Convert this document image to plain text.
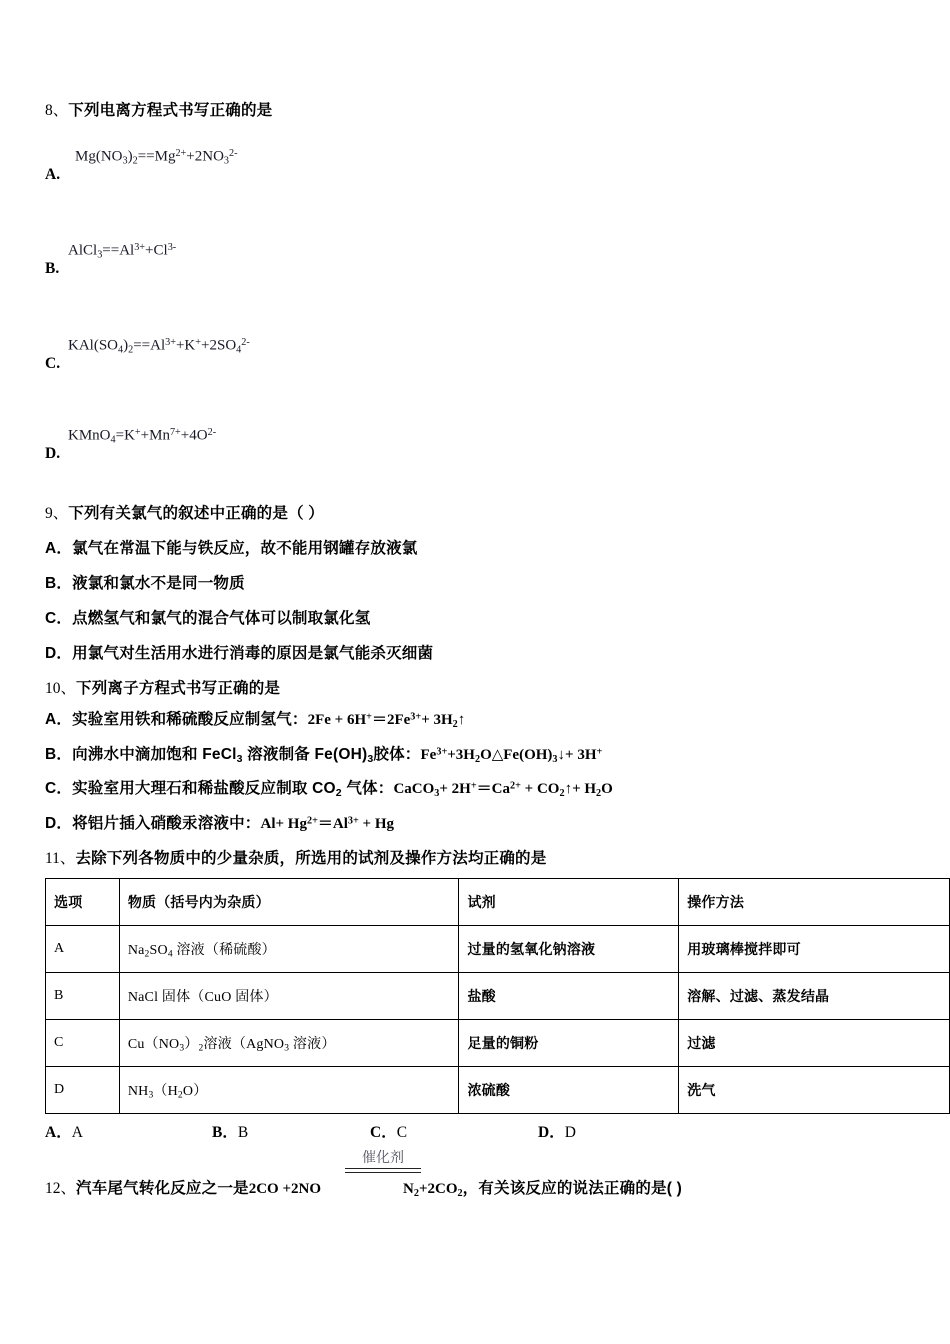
8、下列电离方程式书写正确的是
$Mg(NO_3)_2==Mg^{2+}+2NO_3^{2-}$
A.
$AlCl_3==Al^{3+}+Cl^{3-}$
B.
$KAl(SO_4)_2==Al^{3+}+K^++2SO_4^{2-}$
C.
$KMnO_4=K^++Mn^{7+}+4O^{2-}$
D.
9、下列有关氯气的叙述中正确的是（ ）
A．氯气在常温下能与铁反应，故不能用钢罐存放液氯
B．液氯和氯水不是同一物质
C．点燃氢气和氯气的混合气体可以制取氯化氢
D．用氯气对生活用水进行消毒的原因是氯气能杀灭细菌
10、下列离子方程式书写正确的是
A．实验室用铁和稀硫酸反应制氢气：$2Fe + 6H^+=2Fe^{3+}+$ $3H_2↑$
B．向沸水中滴加饱和 FeCl$_3$ 溶液制备 $Fe(OH)_3$胶体：$Fe^{3+}+3H_2O\triangle Fe(OH)_3↓+ 3H^+$
C．实验室用大理石和稀盐酸反应制取 $CO_2$ 气体：CaCO$_3$+ $2H^+=Ca^{2+}$ + $CO_2↑+ H_2O$
D．将铝片插入硝酸汞溶液中：$Al+ Hg^{2+}=Al^{3+} + Hg$
11、去除下列各物质中的少量杂质，所选用的试剂及操作方法均正确的是
选项	物质（括号内为杂质）	试剂	操作方法
A	$Na_2SO_4$ 溶液（稀硫酸）	过量的氢氧化钠溶液	用玻璃棒搅拌即可
B	NaCl 固体（CuO 固体）	盐酸	溶解、过滤、蒸发结晶
C	$Cu(NO_3)_2$溶液（AgNO$_3$ 溶液）	足量的铜粉	过滤
D	$NH_3(H_2O)$	浓硫酸	洗气
A．A	B．B	C．C	D．D
12、汽车尾气转化反应之一是2CO +2NO	$N_2+2CO_2$，有关该反应的说法正确的是( )
催化剂
